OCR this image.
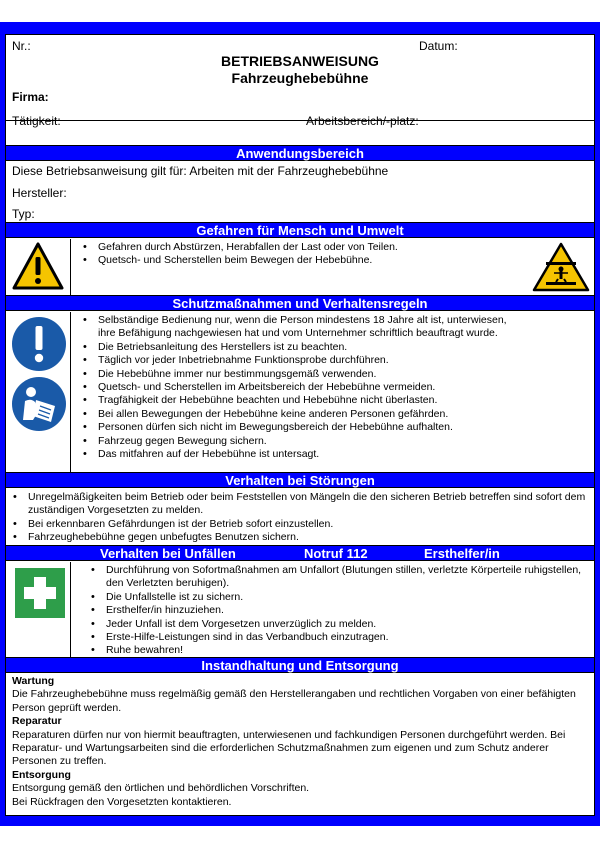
Nr.:	Datum:
BETRIEBSANWEISUNG
Fahrzeughebebühne
Firma:
Tätigkeit:	Arbeitsbereich/-platz:
Anwendungsbereich
Diese Betriebsanweisung gilt für: Arbeiten mit der Fahrzeughebebühne
Hersteller:
Typ:
Gefahren für Mensch und Umwelt
• Gefahren durch Abstürzen, Herabfallen der Last oder von Teilen.
• Quetsch- und Scherstellen beim Bewegen der Hebebühne.
Schutzmaßnahmen und Verhaltensregeln
• Selbständige Bedienung nur, wenn die Person mindestens 18 Jahre alt ist, unterwiesen, ihre Befähigung nachgewiesen hat und vom Unternehmer schriftlich beauftragt wurde.
• Die Betriebsanleitung des Herstellers ist zu beachten.
• Täglich vor jeder Inbetriebnahme Funktionsprobe durchführen.
• Die Hebebühne immer nur bestimmungsgemäß verwenden.
• Quetsch- und Scherstellen im Arbeitsbereich der Hebebühne vermeiden.
• Tragfähigkeit der Hebebühne beachten und Hebebühne nicht überlasten.
• Bei allen Bewegungen der Hebebühne keine anderen Personen gefährden.
• Personen dürfen sich nicht im Bewegungsbereich der Hebebühne aufhalten.
• Fahrzeug gegen Bewegung sichern.
• Das mitfahren auf der Hebebühne ist untersagt.
Verhalten bei Störungen
• Unregelmäßigkeiten beim Betrieb oder beim Feststellen von Mängeln die den sicheren Betrieb betreffen sind sofort dem zuständigen Vorgesetzten zu melden.
• Bei erkennbaren Gefährdungen ist der Betrieb sofort einzustellen.
• Fahrzeughebebühne gegen unbefugtes Benutzen sichern.
Verhalten bei Unfällen	Notruf 112	Ersthelfer/in
• Durchführung von Sofortmaßnahmen am Unfallort (Blutungen stillen, verletzte Körperteile ruhigstellen, den Verletzten beruhigen).
• Die Unfallstelle ist zu sichern.
• Ersthelfer/in hinzuziehen.
• Jeder Unfall ist dem Vorgesetzen unverzüglich zu melden.
• Erste-Hilfe-Leistungen sind in das Verbandbuch einzutragen.
• Ruhe bewahren!
Instandhaltung und Entsorgung
Wartung
Die Fahrzeughebebühne muss regelmäßig gemäß den Herstellerangaben und rechtlichen Vorgaben von einer befähigten Person geprüft werden.
Reparatur
Reparaturen dürfen nur von hiermit beauftragten, unterwiesenen und fachkundigen Personen durchgeführt werden. Bei Reparatur- und Wartungsarbeiten sind die erforderlichen Schutzmaßnahmen zum eigenen und zum Schutz anderer Personen zu treffen.
Entsorgung
Entsorgung gemäß den örtlichen und behördlichen Vorschriften.
Bei Rückfragen den Vorgesetzten kontaktieren.
